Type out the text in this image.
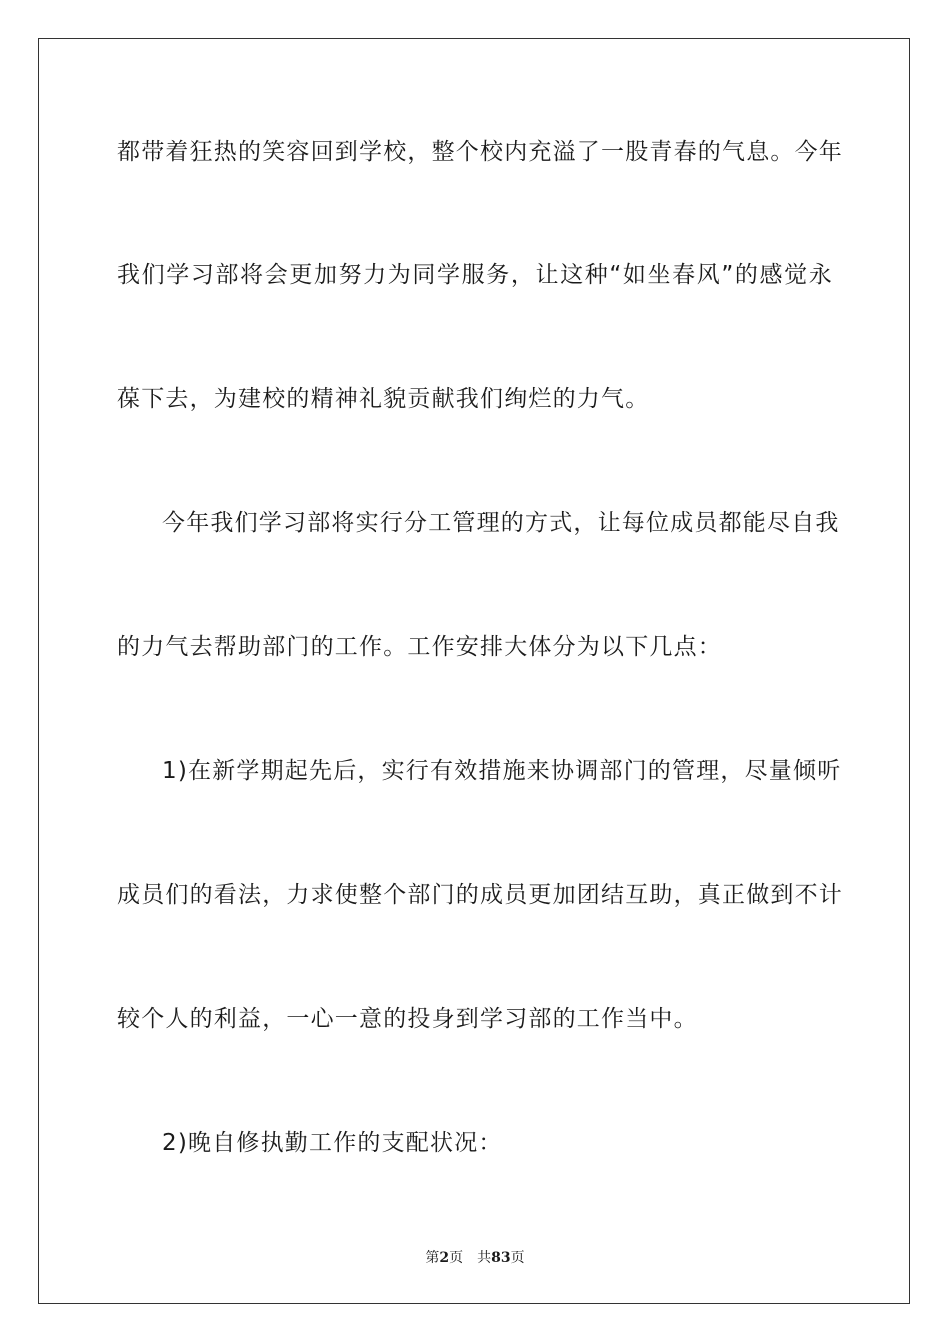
都带着狂热的笑容回到学校，整个校内充溢了一股青春的气息。今年
我们学习部将会更加努力为同学服务，让这种“如坐春风”的感觉永
葆下去，为建校的精神礼貌贡献我们绚烂的力气。
今年我们学习部将实行分工管理的方式，让每位成员都能尽自我
的力气去帮助部门的工作。工作安排大体分为以下几点：
1)在新学期起先后，实行有效措施来协调部门的管理，尽量倾听
成员们的看法，力求使整个部门的成员更加团结互助，真正做到不计
较个人的利益，一心一意的投身到学习部的工作当中。
2)晚自修执勤工作的支配状况：
第2页 共83页
